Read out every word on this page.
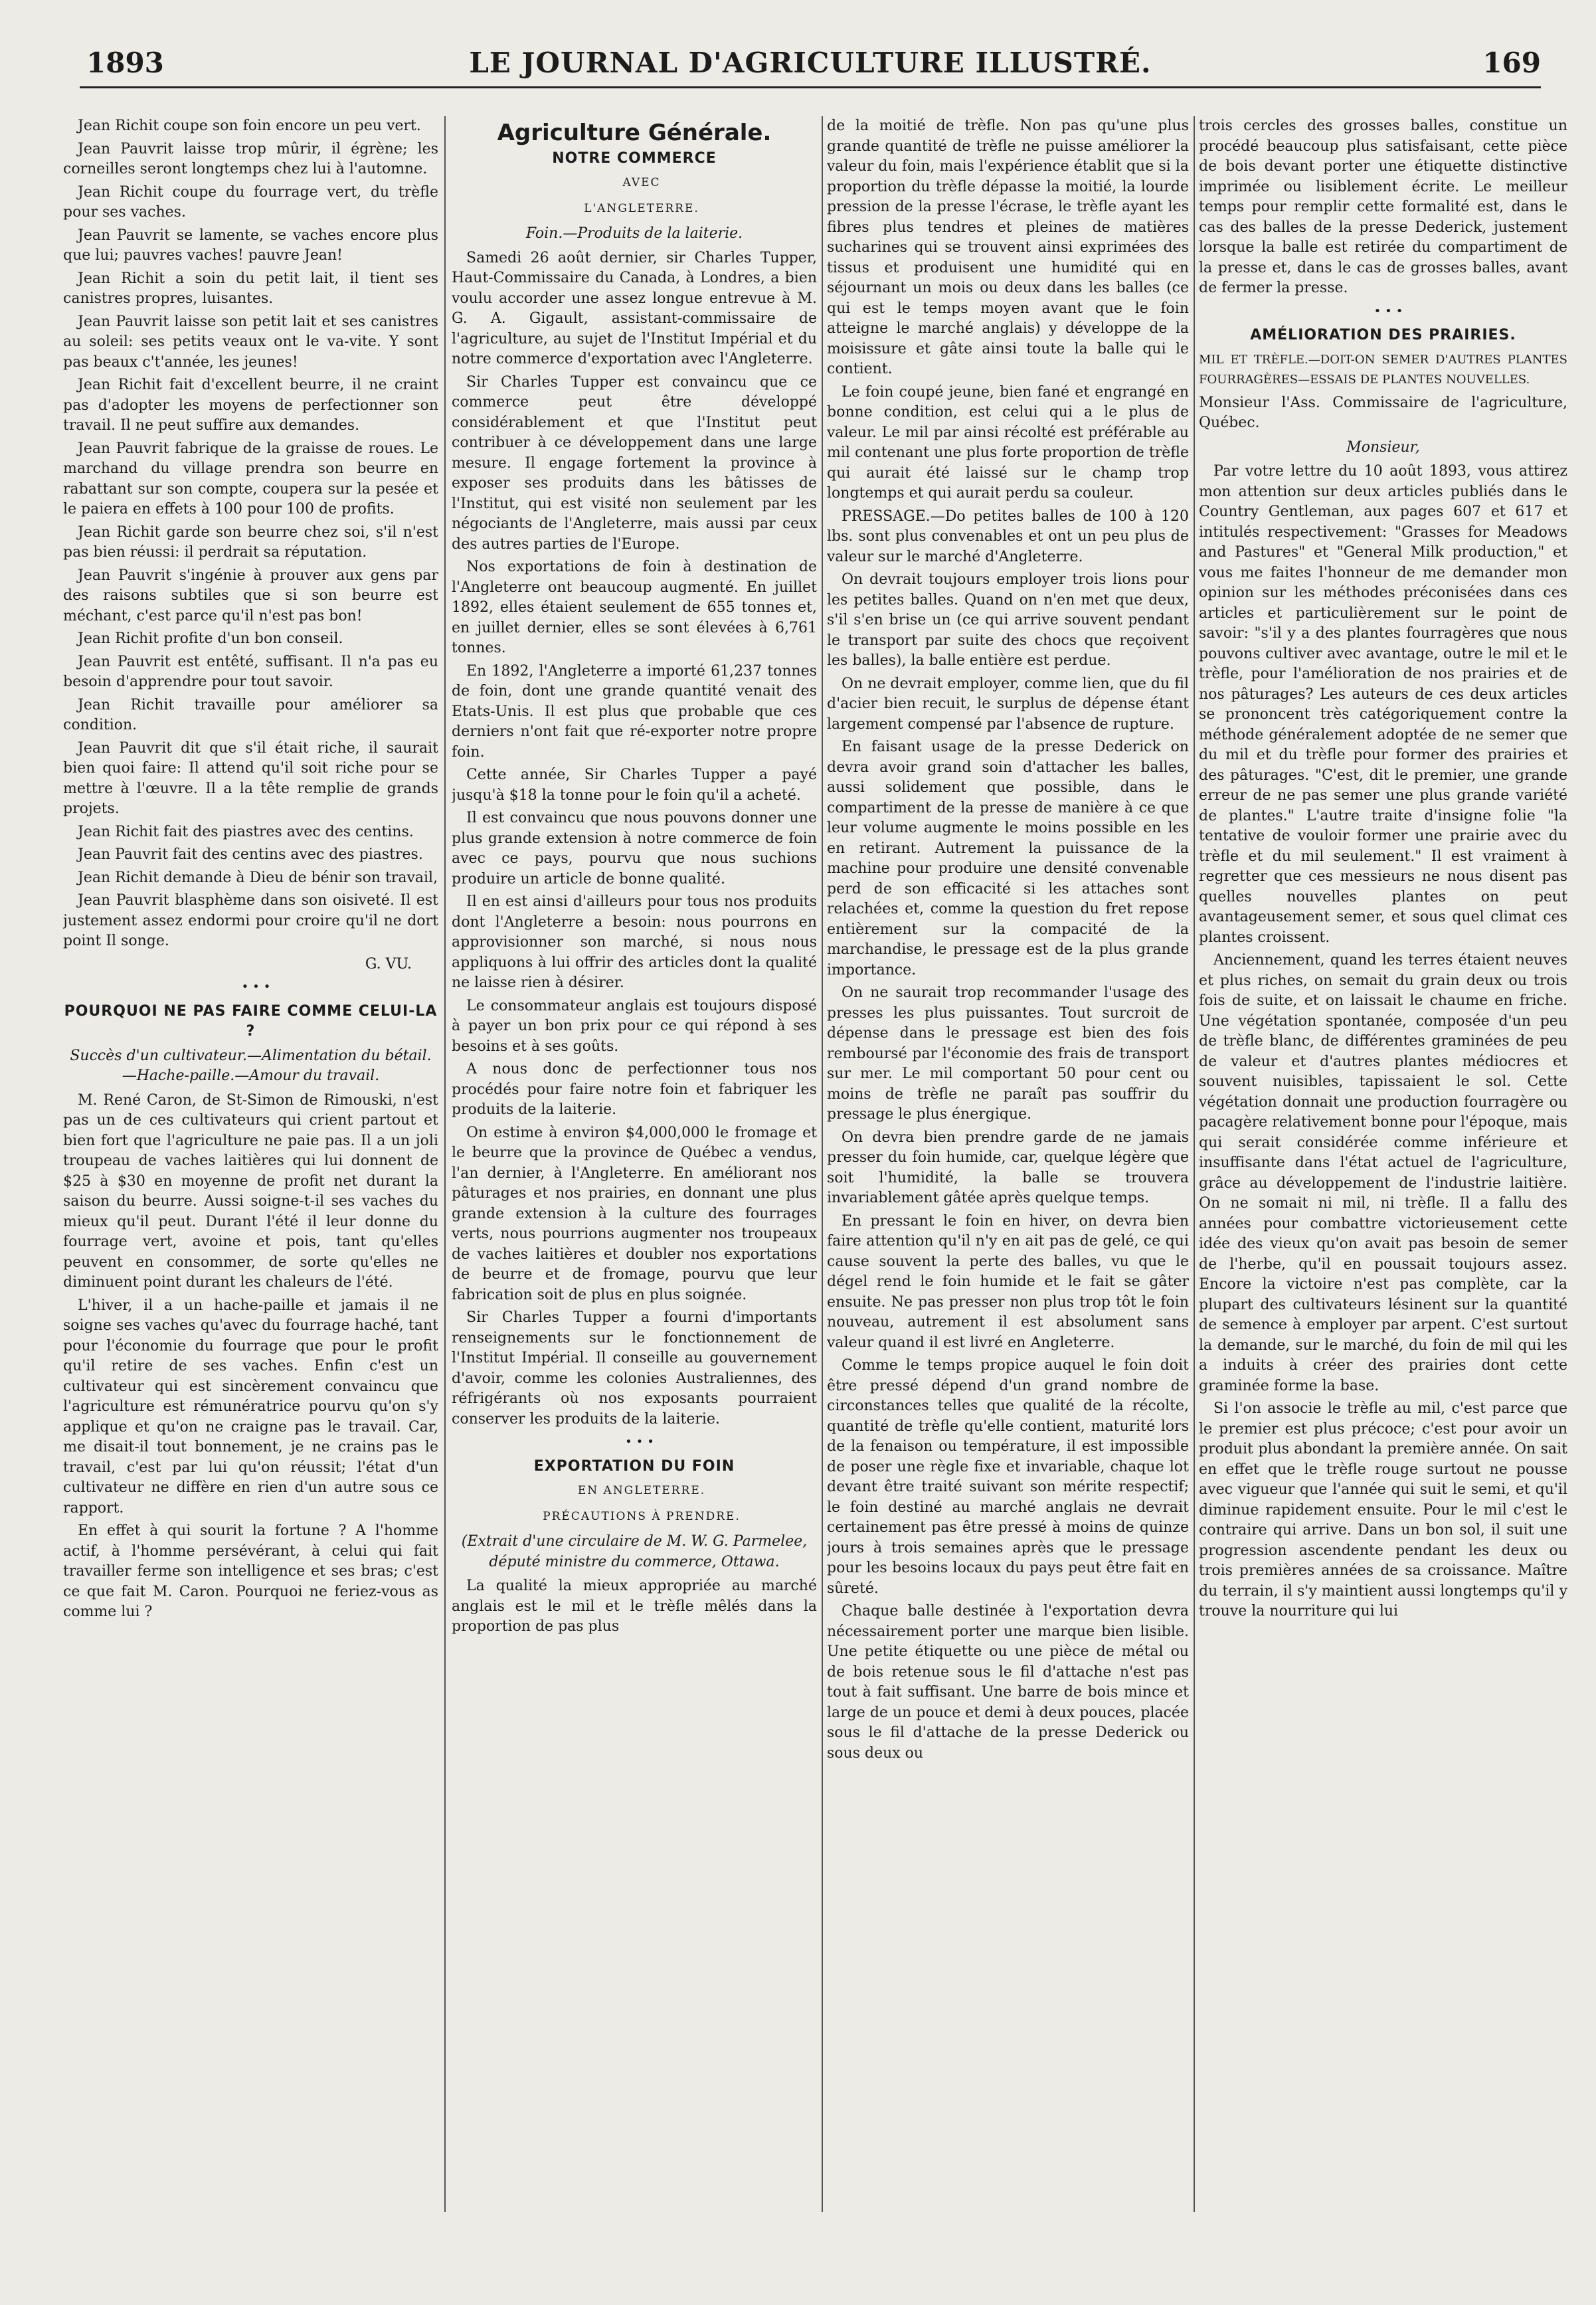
1893	LE JOURNAL D'AGRICULTURE ILLUSTRÉ.	169

Jean Richit coupe son foin encore un peu vert.

Jean Pauvrit laisse trop mûrir, il égrène; les corneilles seront longtemps chez lui à l'automne.

Jean Richit coupe du fourrage vert, du trèfle pour ses vaches.

Jean Pauvrit se lamente, se vaches encore plus que lui; pauvres vaches! pauvre Jean!

Jean Richit a soin du petit lait, il tient ses canistres propres, luisantes.

Jean Pauvrit laisse son petit lait et ses canistres au soleil: ses petits veaux ont le va-vite. Y sont pas beaux c't'année, les jeunes!

Jean Richit fait d'excellent beurre, il ne craint pas d'adopter les moyens de perfectionner son travail. Il ne peut suffire aux demandes.

Jean Pauvrit fabrique de la graisse de roues. Le marchand du village prendra son beurre en rabattant sur son compte, coupera sur la pesée et le paiera en effets à 100 pour 100 de profits.

Jean Richit garde son beurre chez soi, s'il n'est pas bien réussi: il perdrait sa réputation.

Jean Pauvrit s'ingénie à prouver aux gens par des raisons subtiles que si son beurre est méchant, c'est parce qu'il n'est pas bon!

Jean Richit profite d'un bon conseil.

Jean Pauvrit est entêté, suffisant. Il n'a pas eu besoin d'apprendre pour tout savoir.

Jean Richit travaille pour améliorer sa condition.

Jean Pauvrit dit que s'il était riche, il saurait bien quoi faire: Il attend qu'il soit riche pour se mettre à l'œuvre. Il a la tête remplie de grands projets.

Jean Richit fait des piastres avec des centins.

Jean Pauvrit fait des centins avec des piastres.

Jean Richit demande à Dieu de bénir son travail,

Jean Pauvrit blasphème dans son oisiveté. Il est justement assez endormi pour croire qu'il ne dort point Il songe.

G. VU.

•••

POURQUOI NE PAS FAIRE COMME CELUI-LA ?

Succès d'un cultivateur.—Alimentation du bétail.—Hache-paille.—Amour du travail.

M. René Caron, de St-Simon de Rimouski, n'est pas un de ces cultivateurs qui crient partout et bien fort que l'agriculture ne paie pas. Il a un joli troupeau de vaches laitières qui lui donnent de $25 à $30 en moyenne de profit net durant la saison du beurre. Aussi soigne-t-il ses vaches du mieux qu'il peut. Durant l'été il leur donne du fourrage vert, avoine et pois, tant qu'elles peuvent en consommer, de sorte qu'elles ne diminuent point durant les chaleurs de l'été.

L'hiver, il a un hache-paille et jamais il ne soigne ses vaches qu'avec du fourrage haché, tant pour l'économie du fourrage que pour le profit qu'il retire de ses vaches. Enfin c'est un cultivateur qui est sincèrement convaincu que l'agriculture est rémunératrice pourvu qu'on s'y applique et qu'on ne craigne pas le travail. Car, me disait-il tout bonnement, je ne crains pas le travail, c'est par lui qu'on réussit; l'état d'un cultivateur ne diffère en rien d'un autre sous ce rapport.

En effet à qui sourit la fortune ? A l'homme actif, à l'homme persévérant, à celui qui fait travailler ferme son intelligence et ses bras; c'est ce que fait M. Caron. Pourquoi ne feriez-vous as comme lui ?

Agriculture Générale.
NOTRE COMMERCE

AVEC

L'ANGLETERRE.

Foin.—Produits de la laiterie.

Samedi 26 août dernier, sir Charles Tupper, Haut-Commissaire du Canada, à Londres, a bien voulu accorder une assez longue entrevue à M. G. A. Gigault, assistant-commissaire de l'agriculture, au sujet de l'Institut Impérial et du notre commerce d'exportation avec l'Angleterre.

Sir Charles Tupper est convaincu que ce commerce peut être développé considérablement et que l'Institut peut contribuer à ce développement dans une large mesure. Il engage fortement la province à exposer ses produits dans les bâtisses de l'Institut, qui est visité non seulement par les négociants de l'Angleterre, mais aussi par ceux des autres parties de l'Europe.

Nos exportations de foin à destination de l'Angleterre ont beaucoup augmenté. En juillet 1892, elles étaient seulement de 655 tonnes et, en juillet dernier, elles se sont élevées à 6,761 tonnes.

En 1892, l'Angleterre a importé 61,237 tonnes de foin, dont une grande quantité venait des Etats-Unis. Il est plus que probable que ces derniers n'ont fait que ré-exporter notre propre foin.

Cette année, Sir Charles Tupper a payé jusqu'à $18 la tonne pour le foin qu'il a acheté.

Il est convaincu que nous pouvons donner une plus grande extension à notre commerce de foin avec ce pays, pourvu que nous suchions produire un article de bonne qualité.

Il en est ainsi d'ailleurs pour tous nos produits dont l'Angleterre a besoin: nous pourrons en approvisionner son marché, si nous nous appliquons à lui offrir des articles dont la qualité ne laisse rien à désirer.

Le consommateur anglais est toujours disposé à payer un bon prix pour ce qui répond à ses besoins et à ses goûts.

A nous donc de perfectionner tous nos procédés pour faire notre foin et fabriquer les produits de la laiterie.

On estime à environ $4,000,000 le fromage et le beurre que la province de Québec a vendus, l'an dernier, à l'Angleterre. En améliorant nos pâturages et nos prairies, en donnant une plus grande extension à la culture des fourrages verts, nous pourrions augmenter nos troupeaux de vaches laitières et doubler nos exportations de beurre et de fromage, pourvu que leur fabrication soit de plus en plus soignée.

Sir Charles Tupper a fourni d'importants renseignements sur le fonctionnement de l'Institut Impérial. Il conseille au gouvernement d'avoir, comme les colonies Australiennes, des réfrigérants où nos exposants pourraient conserver les produits de la laiterie.

•••

EXPORTATION DU FOIN

EN ANGLETERRE.

PRÉCAUTIONS À PRENDRE.

(Extrait d'une circulaire de M. W. G. Parmelee, député ministre du commerce, Ottawa.

La qualité la mieux appropriée au marché anglais est le mil et le trèfle mêlés dans la proportion de pas plus

de la moitié de trèfle. Non pas qu'une plus grande quantité de trèfle ne puisse améliorer la valeur du foin, mais l'expérience établit que si la proportion du trèfle dépasse la moitié, la lourde pression de la presse l'écrase, le trèfle ayant les fibres plus tendres et pleines de matières sucharines qui se trouvent ainsi exprimées des tissus et produisent une humidité qui en séjournant un mois ou deux dans les balles (ce qui est le temps moyen avant que le foin atteigne le marché anglais) y développe de la moisissure et gâte ainsi toute la balle qui le contient.

Le foin coupé jeune, bien fané et engrangé en bonne condition, est celui qui a le plus de valeur. Le mil par ainsi récolté est préférable au mil contenant une plus forte proportion de trèfle qui aurait été laissé sur le champ trop longtemps et qui aurait perdu sa couleur.

PRESSAGE.—Do petites balles de 100 à 120 lbs. sont plus convenables et ont un peu plus de valeur sur le marché d'Angleterre.

On devrait toujours employer trois lions pour les petites balles. Quand on n'en met que deux, s'il s'en brise un (ce qui arrive souvent pendant le transport par suite des chocs que reçoivent les balles), la balle entière est perdue.

On ne devrait employer, comme lien, que du fil d'acier bien recuit, le surplus de dépense étant largement compensé par l'absence de rupture.

En faisant usage de la presse Dederick on devra avoir grand soin d'attacher les balles, aussi solidement que possible, dans le compartiment de la presse de manière à ce que leur volume augmente le moins possible en les en retirant. Autrement la puissance de la machine pour produire une densité convenable perd de son efficacité si les attaches sont relachées et, comme la question du fret repose entièrement sur la compacité de la marchandise, le pressage est de la plus grande importance.

On ne saurait trop recommander l'usage des presses les plus puissantes. Tout surcroit de dépense dans le pressage est bien des fois remboursé par l'économie des frais de transport sur mer. Le mil comportant 50 pour cent ou moins de trèfle ne paraît pas souffrir du pressage le plus énergique.

On devra bien prendre garde de ne jamais presser du foin humide, car, quelque légère que soit l'humidité, la balle se trouvera invariablement gâtée après quelque temps.

En pressant le foin en hiver, on devra bien faire attention qu'il n'y en ait pas de gelé, ce qui cause souvent la perte des balles, vu que le dégel rend le foin humide et le fait se gâter ensuite. Ne pas presser non plus trop tôt le foin nouveau, autrement il est absolument sans valeur quand il est livré en Angleterre.

Comme le temps propice auquel le foin doit être pressé dépend d'un grand nombre de circonstances telles que qualité de la récolte, quantité de trèfle qu'elle contient, maturité lors de la fenaison ou température, il est impossible de poser une règle fixe et invariable, chaque lot devant être traité suivant son mérite respectif; le foin destiné au marché anglais ne devrait certainement pas être pressé à moins de quinze jours à trois semaines après que le pressage pour les besoins locaux du pays peut être fait en sûreté.

Chaque balle destinée à l'exportation devra nécessairement porter une marque bien lisible. Une petite étiquette ou une pièce de métal ou de bois retenue sous le fil d'attache n'est pas tout à fait suffisant. Une barre de bois mince et large de un pouce et demi à deux pouces, placée sous le fil d'attache de la presse Dederick ou sous deux ou

trois cercles des grosses balles, constitue un procédé beaucoup plus satisfaisant, cette pièce de bois devant porter une étiquette distinctive imprimée ou lisiblement écrite. Le meilleur temps pour remplir cette formalité est, dans le cas des balles de la presse Dederick, justement lorsque la balle est retirée du compartiment de la presse et, dans le cas de grosses balles, avant de fermer la presse.

•••

AMÉLIORATION DES PRAIRIES.

MIL ET TRÈFLE.—DOIT-ON SEMER D'AUTRES PLANTES FOURRAGÈRES—ESSAIS DE PLANTES NOUVELLES.

Monsieur l'Ass. Commissaire de l'agriculture, Québec.

Monsieur,

Par votre lettre du 10 août 1893, vous attirez mon attention sur deux articles publiés dans le Country Gentleman, aux pages 607 et 617 et intitulés respectivement: "Grasses for Meadows and Pastures" et "General Milk production," et vous me faites l'honneur de me demander mon opinion sur les méthodes préconisées dans ces articles et particulièrement sur le point de savoir: "s'il y a des plantes fourragères que nous pouvons cultiver avec avantage, outre le mil et le trèfle, pour l'amélioration de nos prairies et de nos pâturages? Les auteurs de ces deux articles se prononcent très catégoriquement contre la méthode généralement adoptée de ne semer que du mil et du trèfle pour former des prairies et des pâturages. "C'est, dit le premier, une grande erreur de ne pas semer une plus grande variété de plantes." L'autre traite d'insigne folie "la tentative de vouloir former une prairie avec du trèfle et du mil seulement." Il est vraiment à regretter que ces messieurs ne nous disent pas quelles nouvelles plantes on peut avantageusement semer, et sous quel climat ces plantes croissent.

Anciennement, quand les terres étaient neuves et plus riches, on semait du grain deux ou trois fois de suite, et on laissait le chaume en friche. Une végétation spontanée, composée d'un peu de trèfle blanc, de différentes graminées de peu de valeur et d'autres plantes médiocres et souvent nuisibles, tapissaient le sol. Cette végétation donnait une production fourragère ou pacagère relativement bonne pour l'époque, mais qui serait considérée comme inférieure et insuffisante dans l'état actuel de l'agriculture, grâce au développement de l'industrie laitière. On ne somait ni mil, ni trèfle. Il a fallu des années pour combattre victorieusement cette idée des vieux qu'on avait pas besoin de semer de l'herbe, qu'il en poussait toujours assez. Encore la victoire n'est pas complète, car la plupart des cultivateurs lésinent sur la quantité de semence à employer par arpent. C'est surtout la demande, sur le marché, du foin de mil qui les a induits à créer des prairies dont cette graminée forme la base.

Si l'on associe le trèfle au mil, c'est parce que le premier est plus précoce; c'est pour avoir un produit plus abondant la première année. On sait en effet que le trèfle rouge surtout ne pousse avec vigueur que l'année qui suit le semi, et qu'il diminue rapidement ensuite. Pour le mil c'est le contraire qui arrive. Dans un bon sol, il suit une progression ascendente pendant les deux ou trois premières années de sa croissance. Maître du terrain, il s'y maintient aussi longtemps qu'il y trouve la nourriture qui lui
